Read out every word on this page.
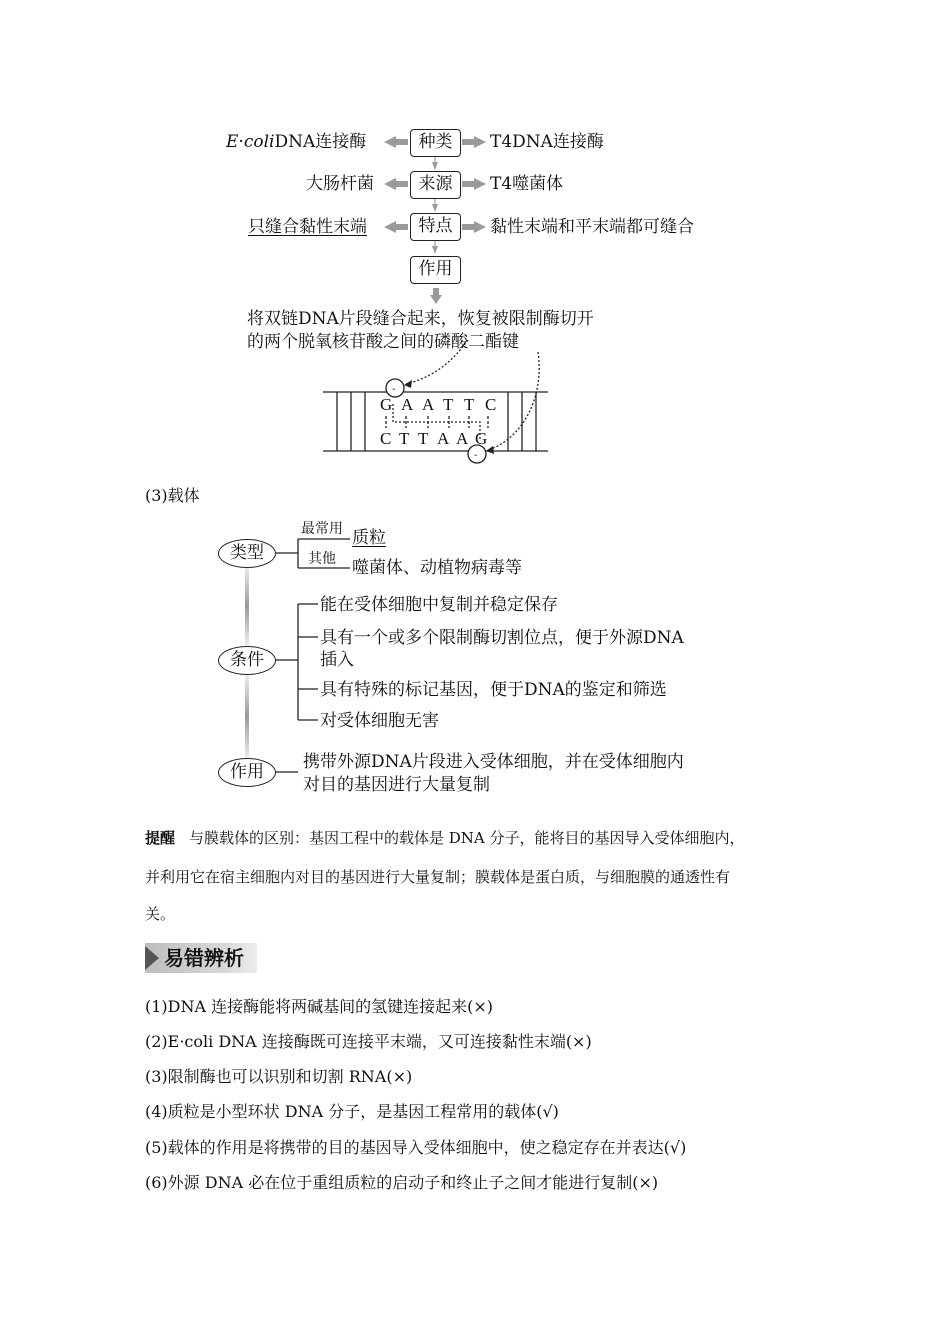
-
-
E·coliDNA连接酶
大肠杆菌
只缝合黏性末端
种类
来源
特点
作用
T4DNA连接酶
T4噬菌体
黏性末端和平末端都可缝合
将双链DNA片段缝合起来，恢复被限制酶切开
的两个脱氧核苷酸之间的磷酸二酯键
G A A T T C
C T T A A G
(3)载体
类型
条件
作用
最常用 质粒
其他 噬菌体、动植物病毒等
能在受体细胞中复制并稳定保存
具有一个或多个限制酶切割位点，便于外源DNA
插入
具有特殊的标记基因，便于DNA的鉴定和筛选
对受体细胞无害
携带外源DNA片段进入受体细胞，并在受体细胞内
对目的基因进行大量复制
提醒 与膜载体的区别：基因工程中的载体是 DNA 分子，能将目的基因导入受体细胞内，
并利用它在宿主细胞内对目的基因进行大量复制；膜载体是蛋白质，与细胞膜的通透性有
关。
易错辨析
(1)DNA 连接酶能将两碱基间的氢键连接起来(×)
(2)E·coli DNA 连接酶既可连接平末端，又可连接黏性末端(×)
(3)限制酶也可以识别和切割 RNA(×)
(4)质粒是小型环状 DNA 分子，是基因工程常用的载体(√)
(5)载体的作用是将携带的目的基因导入受体细胞中，使之稳定存在并表达(√)
(6)外源 DNA 必在位于重组质粒的启动子和终止子之间才能进行复制(×)
